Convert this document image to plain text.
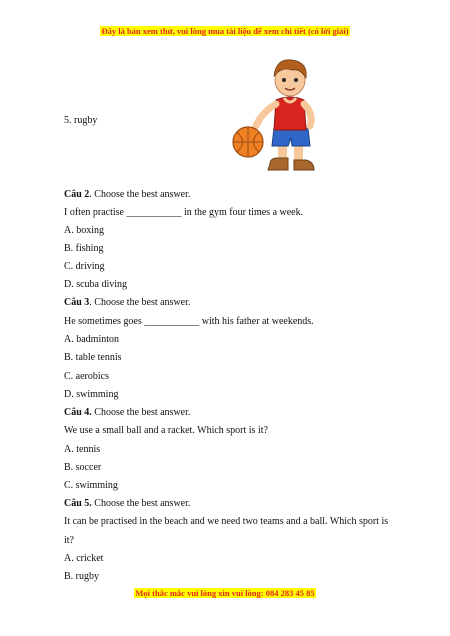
Đây là bản xem thử, vui lòng mua tài liệu để xem chi tiết (có lời giải)
5. rugby
Câu 2. Choose the best answer.
I often practise ___________ in the gym four times a week.
A. boxing
B. fishing
C. driving
D. scuba diving
Câu 3. Choose the best answer.
He sometimes goes ___________ with his father at weekends.
A. badminton
B. table tennis
C. aerobics
D. swimming
Câu 4. Choose the best answer.
We use a small ball and a racket. Which sport is it?
A. tennis
B. soccer
C. swimming
Câu 5. Choose the best answer.
It can be practised in the beach and we need two teams and a ball. Which sport is
it?
A. cricket
B. rugby
Mọi thắc mắc vui lòng xin vui lòng: 084 283 45 85
